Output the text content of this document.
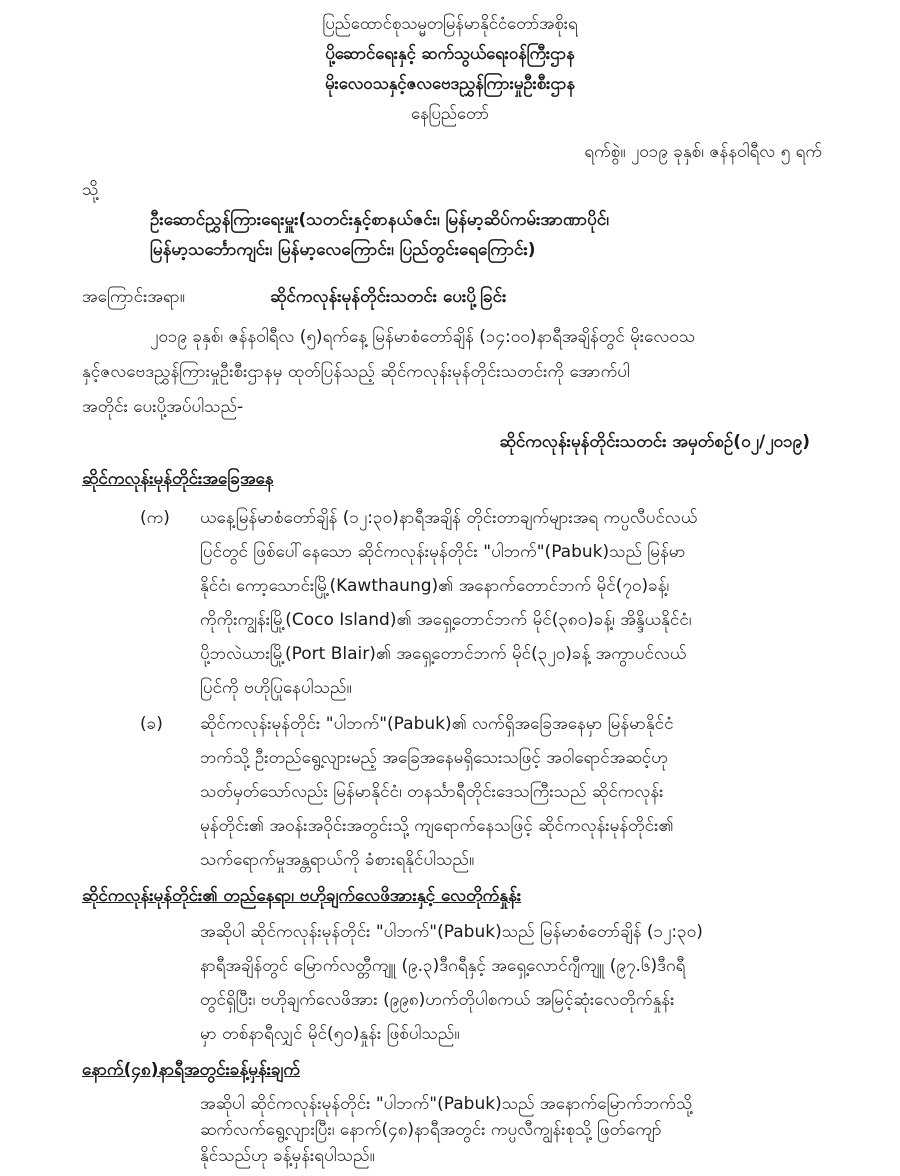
ပြည်ထောင်စုသမ္မတမြန်မာနိုင်ငံတော်အစိုးရ
ပို့ဆောင်ရေးနှင့် ဆက်သွယ်ရေးဝန်ကြီးဌာန
မိုးလေဝသနှင့်ဇလဗေဒညွှန်ကြားမှုဦးစီးဌာန
နေပြည်တော်
ရက်စွဲ။ ၂၀၁၉ ခုနှစ်၊ ဇန်နဝါရီလ ၅ ရက်
သို့
ဦးဆောင်ညွှန်ကြားရေးမှူး(သတင်းနှင့်စာနယ်ဇင်း၊ မြန်မာ့ဆိပ်ကမ်းအာဏာပိုင်၊
မြန်မာ့သင်္ဘောကျင်း၊ မြန်မာ့လေကြောင်း၊ ပြည်တွင်းရေကြောင်း)
အကြောင်းအရာ။	ဆိုင်ကလုန်းမုန်တိုင်းသတင်း ပေးပို့ခြင်း
၂၀၁၉ ခုနှစ်၊ ဇန်နဝါရီလ (၅)ရက်နေ့ မြန်မာစံတော်ချိန် (၁၄:၀၀)နာရီအချိန်တွင် မိုးလေဝသ
နှင့်ဇလဗေဒညွှန်ကြားမှုဦးစီးဌာနမှ ထုတ်ပြန်သည့် ဆိုင်ကလုန်းမုန်တိုင်းသတင်းကို အောက်ပါ
အတိုင်း ပေးပို့အပ်ပါသည်-
ဆိုင်ကလုန်းမုန်တိုင်းသတင်း အမှတ်စဉ်(၀၂/၂၀၁၉)
ဆိုင်ကလုန်းမုန်တိုင်းအခြေအနေ
(က) ယနေ့မြန်မာစံတော်ချိန် (၁၂:၃၀)နာရီအချိန် တိုင်းတာချက်များအရ ကပ္ပလီပင်လယ်
ပြင်တွင် ဖြစ်ပေါ်နေသော ဆိုင်ကလုန်းမုန်တိုင်း "ပါဘက်"(Pabuk)သည် မြန်မာ
နိုင်ငံ၊ ကော့သောင်းမြို့(Kawthaung)၏ အနောက်တောင်ဘက် မိုင်(၇၀)ခန့်၊
ကိုကိုးကျွန်းမြို့(Coco Island)၏ အရှေ့တောင်ဘက် မိုင်(၃၈၀)ခန့်၊ အိန္ဒိယနိုင်ငံ၊
ပို့ဘလဲယားမြို့(Port Blair)၏ အရှေ့တောင်ဘက် မိုင်(၃၂၀)ခန့် အကွာပင်လယ်
ပြင်ကို ဗဟိုပြုနေပါသည်။
(ခ) ဆိုင်ကလုန်းမုန်တိုင်း "ပါဘက်"(Pabuk)၏ လက်ရှိအခြေအနေမှာ မြန်မာနိုင်ငံ
ဘက်သို့ ဦးတည်ရွေ့လျားမည့် အခြေအနေမရှိသေးသဖြင့် အဝါရောင်အဆင့်ဟု
သတ်မှတ်သော်လည်း မြန်မာနိုင်ငံ၊ တနင်္သာရီတိုင်းဒေသကြီးသည် ဆိုင်ကလုန်း
မုန်တိုင်း၏ အဝန်းအဝိုင်းအတွင်းသို့ ကျရောက်နေသဖြင့် ဆိုင်ကလုန်းမုန်တိုင်း၏
သက်ရောက်မှုအန္တရာယ်ကို ခံစားရနိုင်ပါသည်။
ဆိုင်ကလုန်းမုန်တိုင်း၏ တည်နေရာ၊ ဗဟိုချက်လေဖိအားနှင့် လေတိုက်နှုန်း
အဆိုပါ ဆိုင်ကလုန်းမုန်တိုင်း "ပါဘက်"(Pabuk)သည် မြန်မာစံတော်ချိန် (၁၂:၃၀)
နာရီအချိန်တွင် မြောက်လတ္တီကျူ (၉.၃)ဒီဂရီနှင့် အရှေ့လောင်ဂျီကျူ (၉၇.၆)ဒီဂရီ
တွင်ရှိပြီး၊ ဗဟိုချက်လေဖိအား (၉၉၈)ဟက်တိုပါစကယ် အမြင့်ဆုံးလေတိုက်နှုန်း
မှာ တစ်နာရီလျှင် မိုင်(၅၀)နှုန်း ဖြစ်ပါသည်။
နောက်(၄၈)နာရီအတွင်းခန့်မှန်းချက်
အဆိုပါ ဆိုင်ကလုန်းမုန်တိုင်း "ပါဘက်"(Pabuk)သည် အနောက်မြောက်ဘက်သို့
ဆက်လက်ရွေ့လျားပြီး၊ နောက်(၄၈)နာရီအတွင်း ကပ္ပလီကျွန်းစုသို့ ဖြတ်ကျော်
နိုင်သည်ဟု ခန့်မှန်းရပါသည်။
